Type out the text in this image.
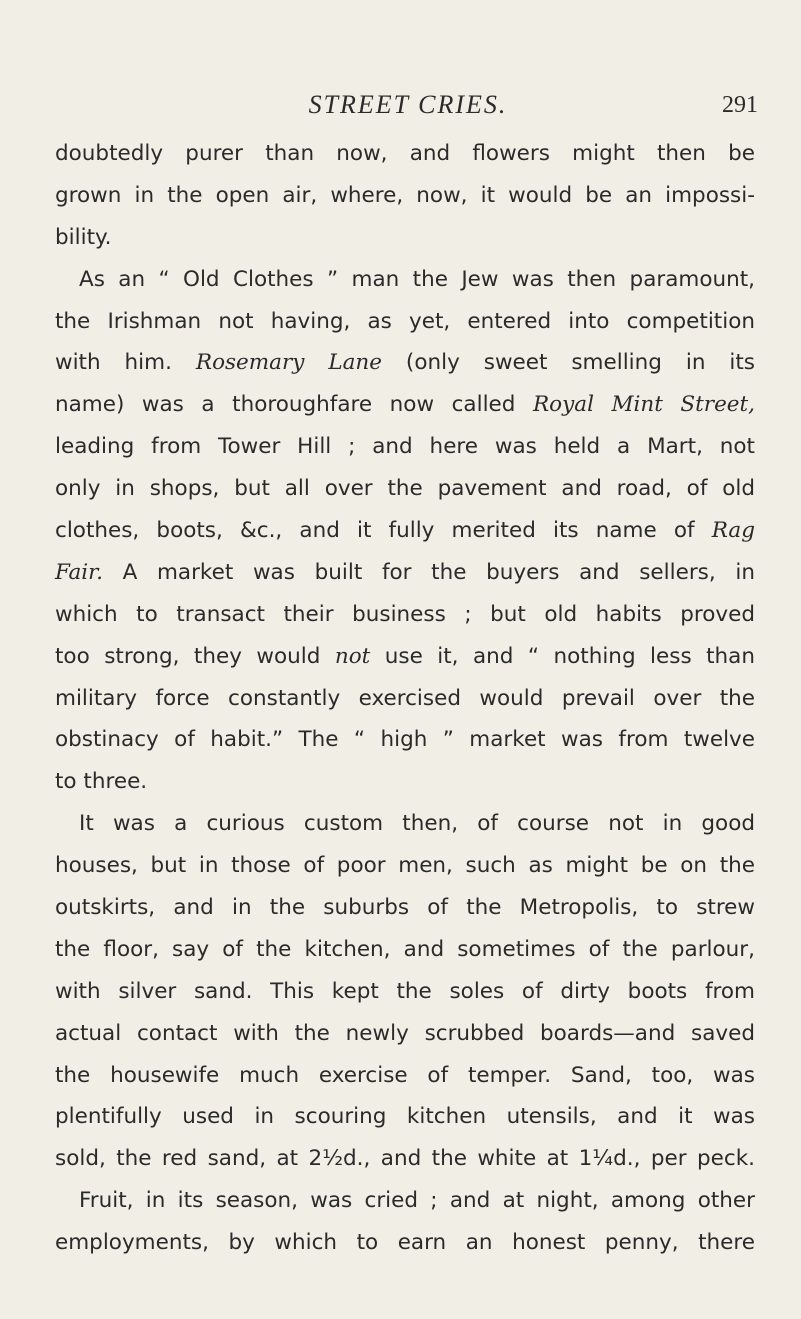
STREET CRIES.	291
doubtedly purer than now, and flowers might then be
grown in the open air, where, now, it would be an impossi-
bility.
As an “ Old Clothes ” man the Jew was then paramount,
the Irishman not having, as yet, entered into competition
with him. Rosemary Lane (only sweet smelling in its
name) was a thoroughfare now called Royal Mint Street,
leading from Tower Hill ; and here was held a Mart, not
only in shops, but all over the pavement and road, of old
clothes, boots, &c., and it fully merited its name of Rag
Fair. A market was built for the buyers and sellers, in
which to transact their business ; but old habits proved
too strong, they would not use it, and “ nothing less than
military force constantly exercised would prevail over the
obstinacy of habit.” The “ high ” market was from twelve
to three.
It was a curious custom then, of course not in good
houses, but in those of poor men, such as might be on the
outskirts, and in the suburbs of the Metropolis, to strew
the floor, say of the kitchen, and sometimes of the parlour,
with silver sand. This kept the soles of dirty boots from
actual contact with the newly scrubbed boards—and saved
the housewife much exercise of temper. Sand, too, was
plentifully used in scouring kitchen utensils, and it was
sold, the red sand, at 2½d., and the white at 1¼d., per peck.
Fruit, in its season, was cried ; and at night, among other
employments, by which to earn an honest penny, there
